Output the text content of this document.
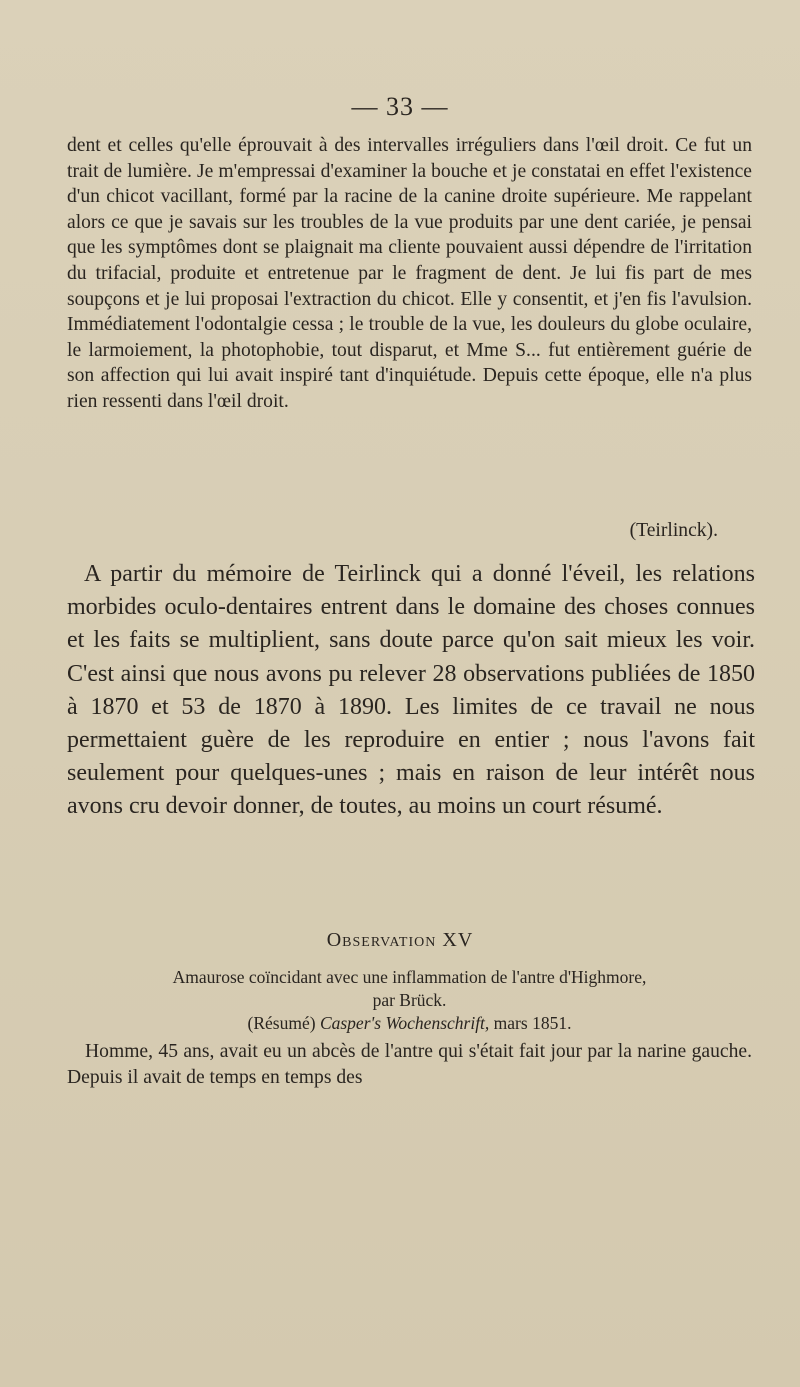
— 33 —
dent et celles qu'elle éprouvait à des intervalles irréguliers dans l'œil droit. Ce fut un trait de lumière. Je m'empressai d'examiner la bouche et je constatai en effet l'existence d'un chicot vacillant, formé par la racine de la canine droite supérieure. Me rappelant alors ce que je savais sur les troubles de la vue produits par une dent cariée, je pensai que les symptômes dont se plaignait ma cliente pouvaient aussi dépendre de l'irritation du trifacial, produite et entretenue par le fragment de dent. Je lui fis part de mes soupçons et je lui proposai l'extraction du chicot. Elle y consentit, et j'en fis l'avulsion. Immédiatement l'odontalgie cessa ; le trouble de la vue, les douleurs du globe oculaire, le larmoiement, la photophobie, tout disparut, et Mme S... fut entièrement guérie de son affection qui lui avait inspiré tant d'inquiétude. Depuis cette époque, elle n'a plus rien ressenti dans l'œil droit.
(Teirlinck).
A partir du mémoire de Teirlinck qui a donné l'éveil, les relations morbides oculo-dentaires entrent dans le domaine des choses connues et les faits se multiplient, sans doute parce qu'on sait mieux les voir. C'est ainsi que nous avons pu relever 28 observations publiées de 1850 à 1870 et 53 de 1870 à 1890. Les limites de ce travail ne nous permettaient guère de les reproduire en entier ; nous l'avons fait seulement pour quelques-unes ; mais en raison de leur intérêt nous avons cru devoir donner, de toutes, au moins un court résumé.
Observation XV
Amaurose coïncidant avec une inflammation de l'antre d'Highmore,
par Brück.
(Résumé) Casper's Wochenschrift, mars 1851.
Homme, 45 ans, avait eu un abcès de l'antre qui s'était fait jour par la narine gauche. Depuis il avait de temps en temps des
